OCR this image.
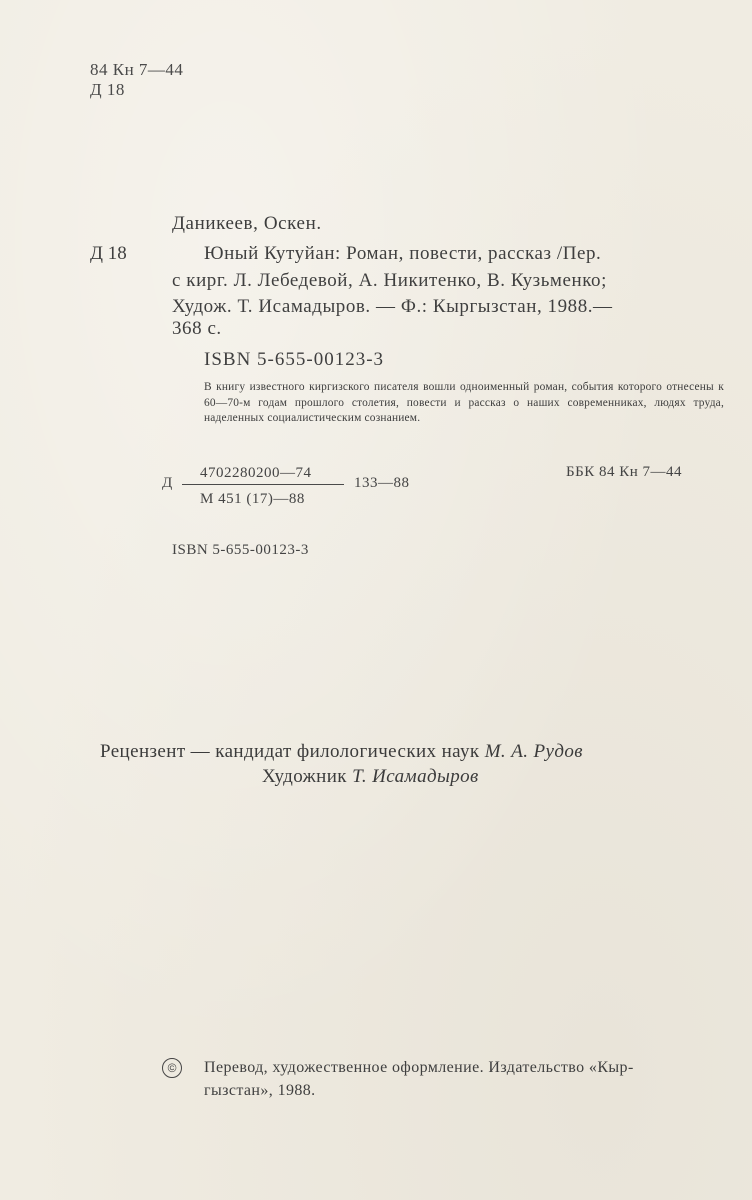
84 Кн 7—44
Д 18
Даникеев, Оскен.
Д 18	Юный Кутуйан: Роман, повести, рассказ /Пер.
с кирг. Л. Лебедевой, А. Никитенко, В. Кузьменко;
Худож. Т. Исамадыров. — Ф.: Кыргызстан, 1988.—
368 с.
ISBN 5-655-00123-3
В книгу известного киргизского писателя вошли одноименный роман, события которого отнесены к 60—70-м годам прошлого столетия, повести и рассказ о наших современниках, людях труда, наделенных социалистическим сознанием.
Д
4702280200—74
М 451 (17)—88
133—88
ББК 84 Кн 7—44
ISBN 5-655-00123-3
Рецензент — кандидат филологических наук М. А. Рудов
Художник Т. Исамадыров
©	Перевод, художественное оформление. Издательство «Кыр-
гызстан», 1988.
